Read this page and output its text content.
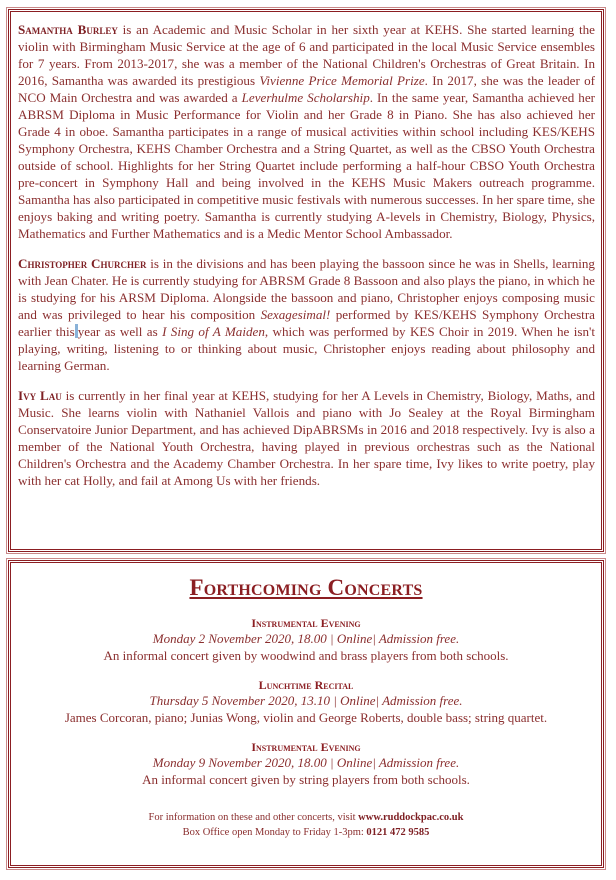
Samantha Burley is an Academic and Music Scholar in her sixth year at KEHS. She started learning the violin with Birmingham Music Service at the age of 6 and participated in the local Music Service ensembles for 7 years. From 2013-2017, she was a member of the National Children's Orchestras of Great Britain. In 2016, Samantha was awarded its prestigious Vivienne Price Memorial Prize. In 2017, she was the leader of NCO Main Orchestra and was awarded a Leverhulme Scholarship. In the same year, Samantha achieved her ABRSM Diploma in Music Performance for Violin and her Grade 8 in Piano. She has also achieved her Grade 4 in oboe. Samantha participates in a range of musical activities within school including KES/KEHS Symphony Orchestra, KEHS Chamber Orchestra and a String Quartet, as well as the CBSO Youth Orchestra outside of school. Highlights for her String Quartet include performing a half-hour CBSO Youth Orchestra pre-concert in Symphony Hall and being involved in the KEHS Music Makers outreach programme. Samantha has also participated in competitive music festivals with numerous successes. In her spare time, she enjoys baking and writing poetry. Samantha is currently studying A-levels in Chemistry, Biology, Physics, Mathematics and Further Mathematics and is a Medic Mentor School Ambassador.

Christopher Churcher is in the divisions and has been playing the bassoon since he was in Shells, learning with Jean Chater. He is currently studying for ABRSM Grade 8 Bassoon and also plays the piano, in which he is studying for his ARSM Diploma. Alongside the bassoon and piano, Christopher enjoys composing music and was privileged to hear his composition Sexagesimal! performed by KES/KEHS Symphony Orchestra earlier this year as well as I Sing of A Maiden, which was performed by KES Choir in 2019. When he isn't playing, writing, listening to or thinking about music, Christopher enjoys reading about philosophy and learning German.

Ivy Lau is currently in her final year at KEHS, studying for her A Levels in Chemistry, Biology, Maths, and Music. She learns violin with Nathaniel Vallois and piano with Jo Sealey at the Royal Birmingham Conservatoire Junior Department, and has achieved DipABRSMs in 2016 and 2018 respectively. Ivy is also a member of the National Youth Orchestra, having played in previous orchestras such as the National Children's Orchestra and the Academy Chamber Orchestra. In her spare time, Ivy likes to write poetry, play with her cat Holly, and fail at Among Us with her friends.

Forthcoming Concerts
Instrumental Evening
Monday 2 November 2020, 18.00 | Online| Admission free.
An informal concert given by woodwind and brass players from both schools.
Lunchtime Recital
Thursday 5 November 2020, 13.10 | Online| Admission free.
James Corcoran, piano; Junias Wong, violin and George Roberts, double bass; string quartet.
Instrumental Evening
Monday 9 November 2020, 18.00 | Online| Admission free.
An informal concert given by string players from both schools.
For information on these and other concerts, visit www.ruddockpac.co.uk
Box Office open Monday to Friday 1-3pm: 0121 472 9585
